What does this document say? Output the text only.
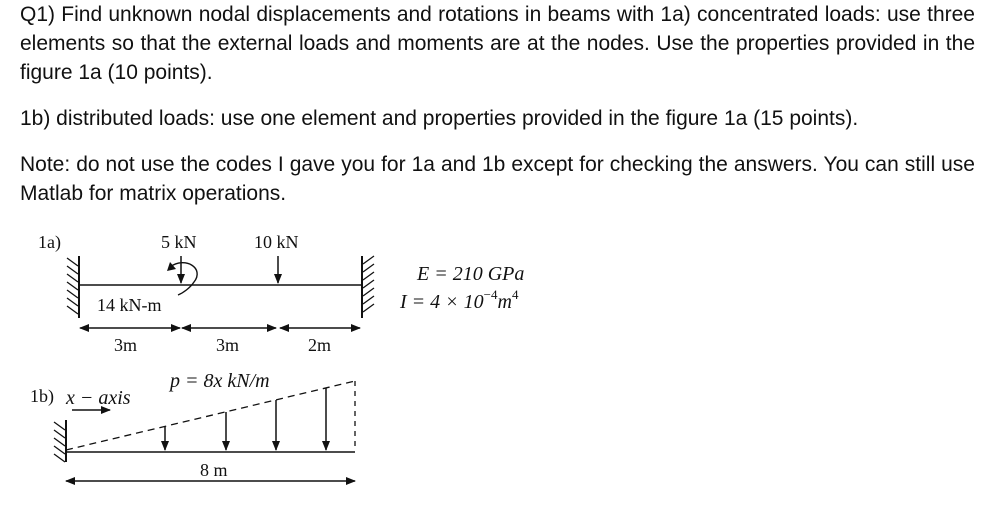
Q1) Find unknown nodal displacements and rotations in beams with 1a) concentrated loads: use three elements so that the external loads and moments are at the nodes. Use the properties provided in the figure 1a (10 points).
1b) distributed loads: use one element and properties provided in the figure 1a (15 points).
Note: do not use the codes I gave you for 1a and 1b except for checking the answers. You can still use Matlab for matrix operations.
1a)	5 kN
14 kN-m
10 kN
3m	3m	2m
E = 210 GPa
$I = 4 \times 10^{-4}m^4$
1b) x − axis
p = 8x kN/m
8 m
